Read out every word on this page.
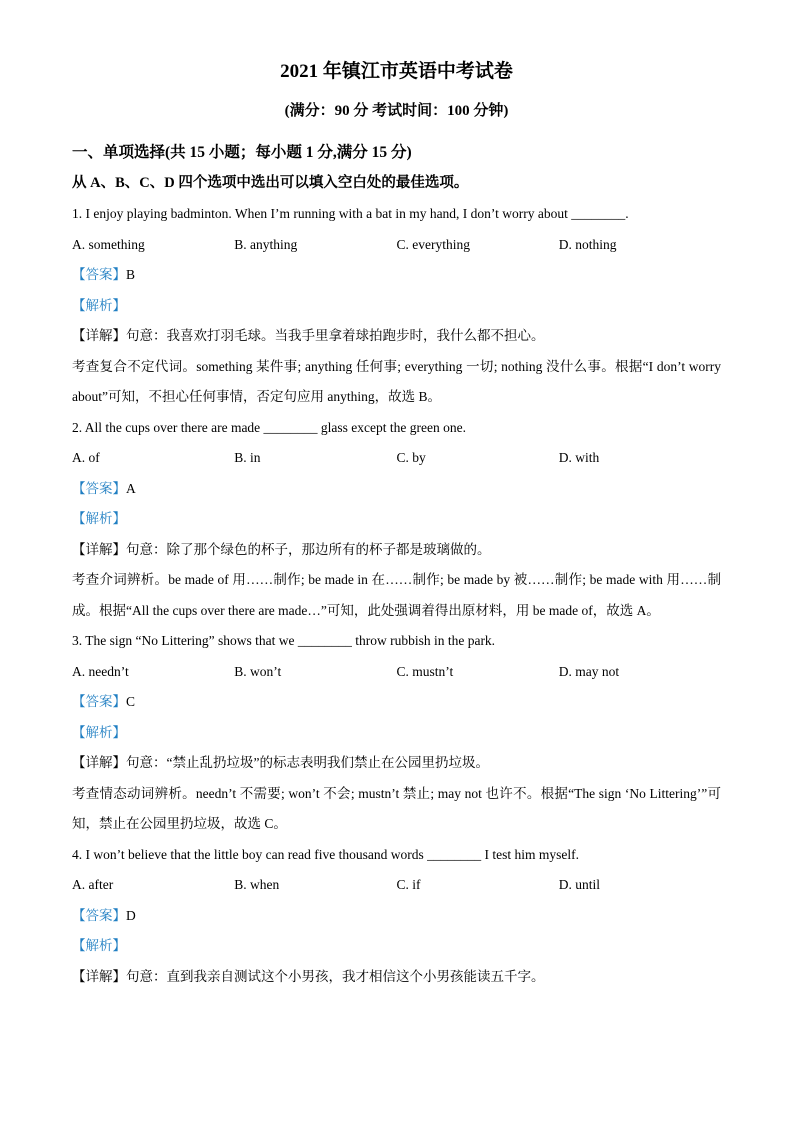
2021 年镇江市英语中考试卷

(满分：90 分 考试时间：100 分钟)

一、单项选择(共 15 小题；每小题 1 分,满分 15 分)

从 A、B、C、D 四个选项中选出可以填入空白处的最佳选项。

1. I enjoy playing badminton. When I’m running with a bat in my hand, I don’t worry about ________.

A. something	B. anything	C. everything	D. nothing

【答案】B

【解析】

【详解】句意：我喜欢打羽毛球。当我手里拿着球拍跑步时，我什么都不担心。

考查复合不定代词。something 某件事; anything 任何事; everything 一切; nothing 没什么事。根据“I don’t worry about”可知，不担心任何事情，否定句应用 anything，故选 B。

2. All the cups over there are made ________ glass except the green one.

A. of	B. in	C. by	D. with

【答案】A

【解析】

【详解】句意：除了那个绿色的杯子，那边所有的杯子都是玻璃做的。

考查介词辨析。be made of 用……制作; be made in 在……制作; be made by 被……制作; be made with 用……制成。根据“All the cups over there are made…”可知，此处强调着得出原材料，用 be made of，故选 A。

3. The sign “No Littering” shows that we ________ throw rubbish in the park.

A. needn’t	B. won’t	C. mustn’t	D. may not

【答案】C

【解析】

【详解】句意：“禁止乱扔垃圾”的标志表明我们禁止在公园里扔垃圾。

考查情态动词辨析。needn’t 不需要; won’t 不会; mustn’t 禁止; may not 也许不。根据“The sign ‘No Littering’”可知，禁止在公园里扔垃圾，故选 C。

4. I won’t believe that the little boy can read five thousand words ________ I test him myself.

A. after	B. when	C. if	D. until

【答案】D

【解析】

【详解】句意：直到我亲自测试这个小男孩，我才相信这个小男孩能读五千字。
